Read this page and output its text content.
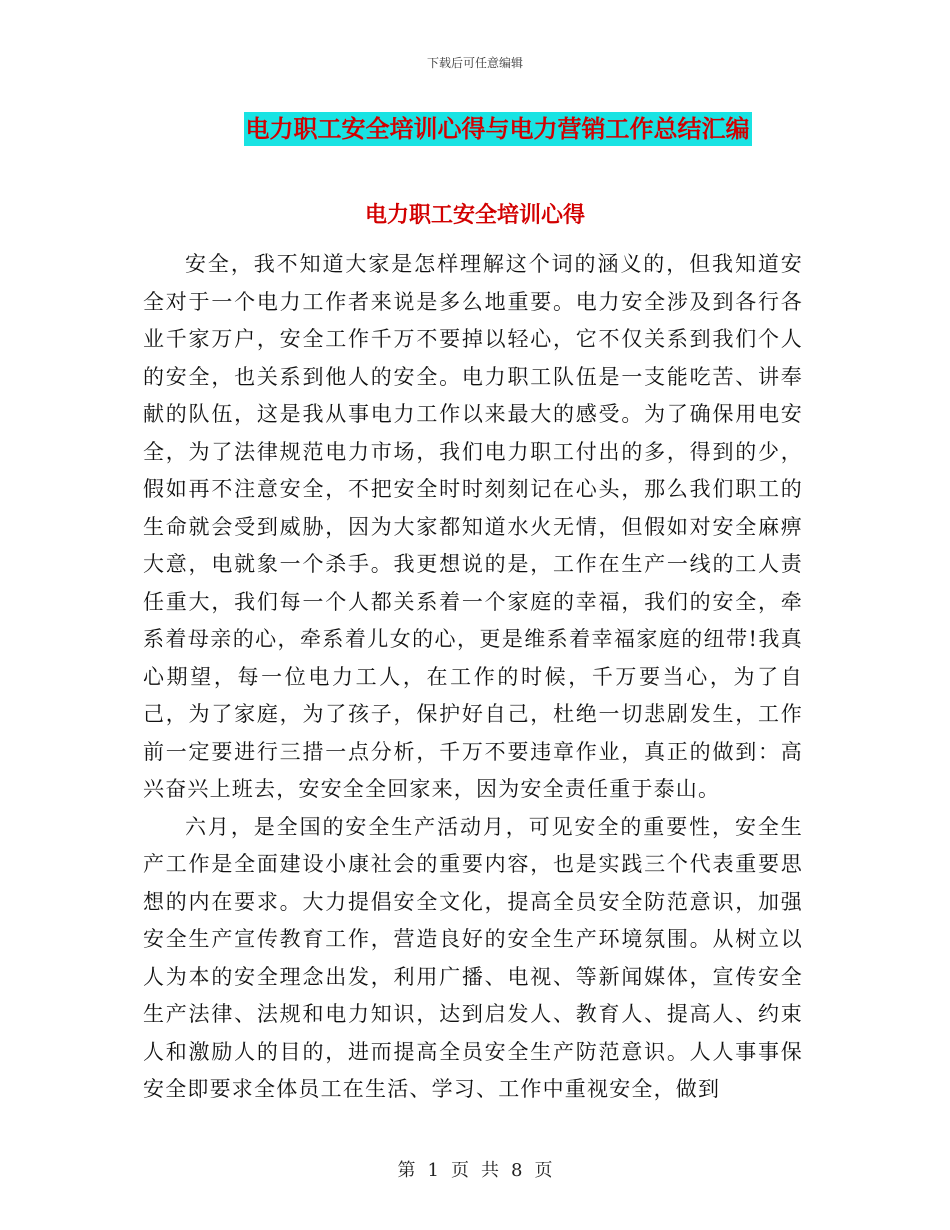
下载后可任意编辑
电力职工安全培训心得与电力营销工作总结汇编
电力职工安全培训心得

安全，我不知道大家是怎样理解这个词的涵义的，但我知道安全对于一个电力工作者来说是多么地重要。电力安全涉及到各行各业千家万户，安全工作千万不要掉以轻心，它不仅关系到我们个人的安全，也关系到他人的安全。电力职工队伍是一支能吃苦、讲奉献的队伍，这是我从事电力工作以来最大的感受。为了确保用电安全，为了法律规范电力市场，我们电力职工付出的多，得到的少，假如再不注意安全，不把安全时时刻刻记在心头，那么我们职工的生命就会受到威胁，因为大家都知道水火无情，但假如对安全麻痹大意，电就象一个杀手。我更想说的是，工作在生产一线的工人责任重大，我们每一个人都关系着一个家庭的幸福，我们的安全，牵系着母亲的心，牵系着儿女的心，更是维系着幸福家庭的纽带!我真心期望，每一位电力工人，在工作的时候，千万要当心，为了自己，为了家庭，为了孩子，保护好自己，杜绝一切悲剧发生，工作前一定要进行三措一点分析，千万不要违章作业，真正的做到：高兴奋兴上班去，安安全全回家来，因为安全责任重于泰山。

六月，是全国的安全生产活动月，可见安全的重要性，安全生产工作是全面建设小康社会的重要内容，也是实践三个代表重要思想的内在要求。大力提倡安全文化，提高全员安全防范意识，加强安全生产宣传教育工作，营造良好的安全生产环境氛围。从树立以人为本的安全理念出发，利用广播、电视、等新闻媒体，宣传安全生产法律、法规和电力知识，达到启发人、教育人、提高人、约束人和激励人的目的，进而提高全员安全生产防范意识。人人事事保安全即要求全体员工在生活、学习、工作中重视安全，做到

第 1 页 共 8 页
